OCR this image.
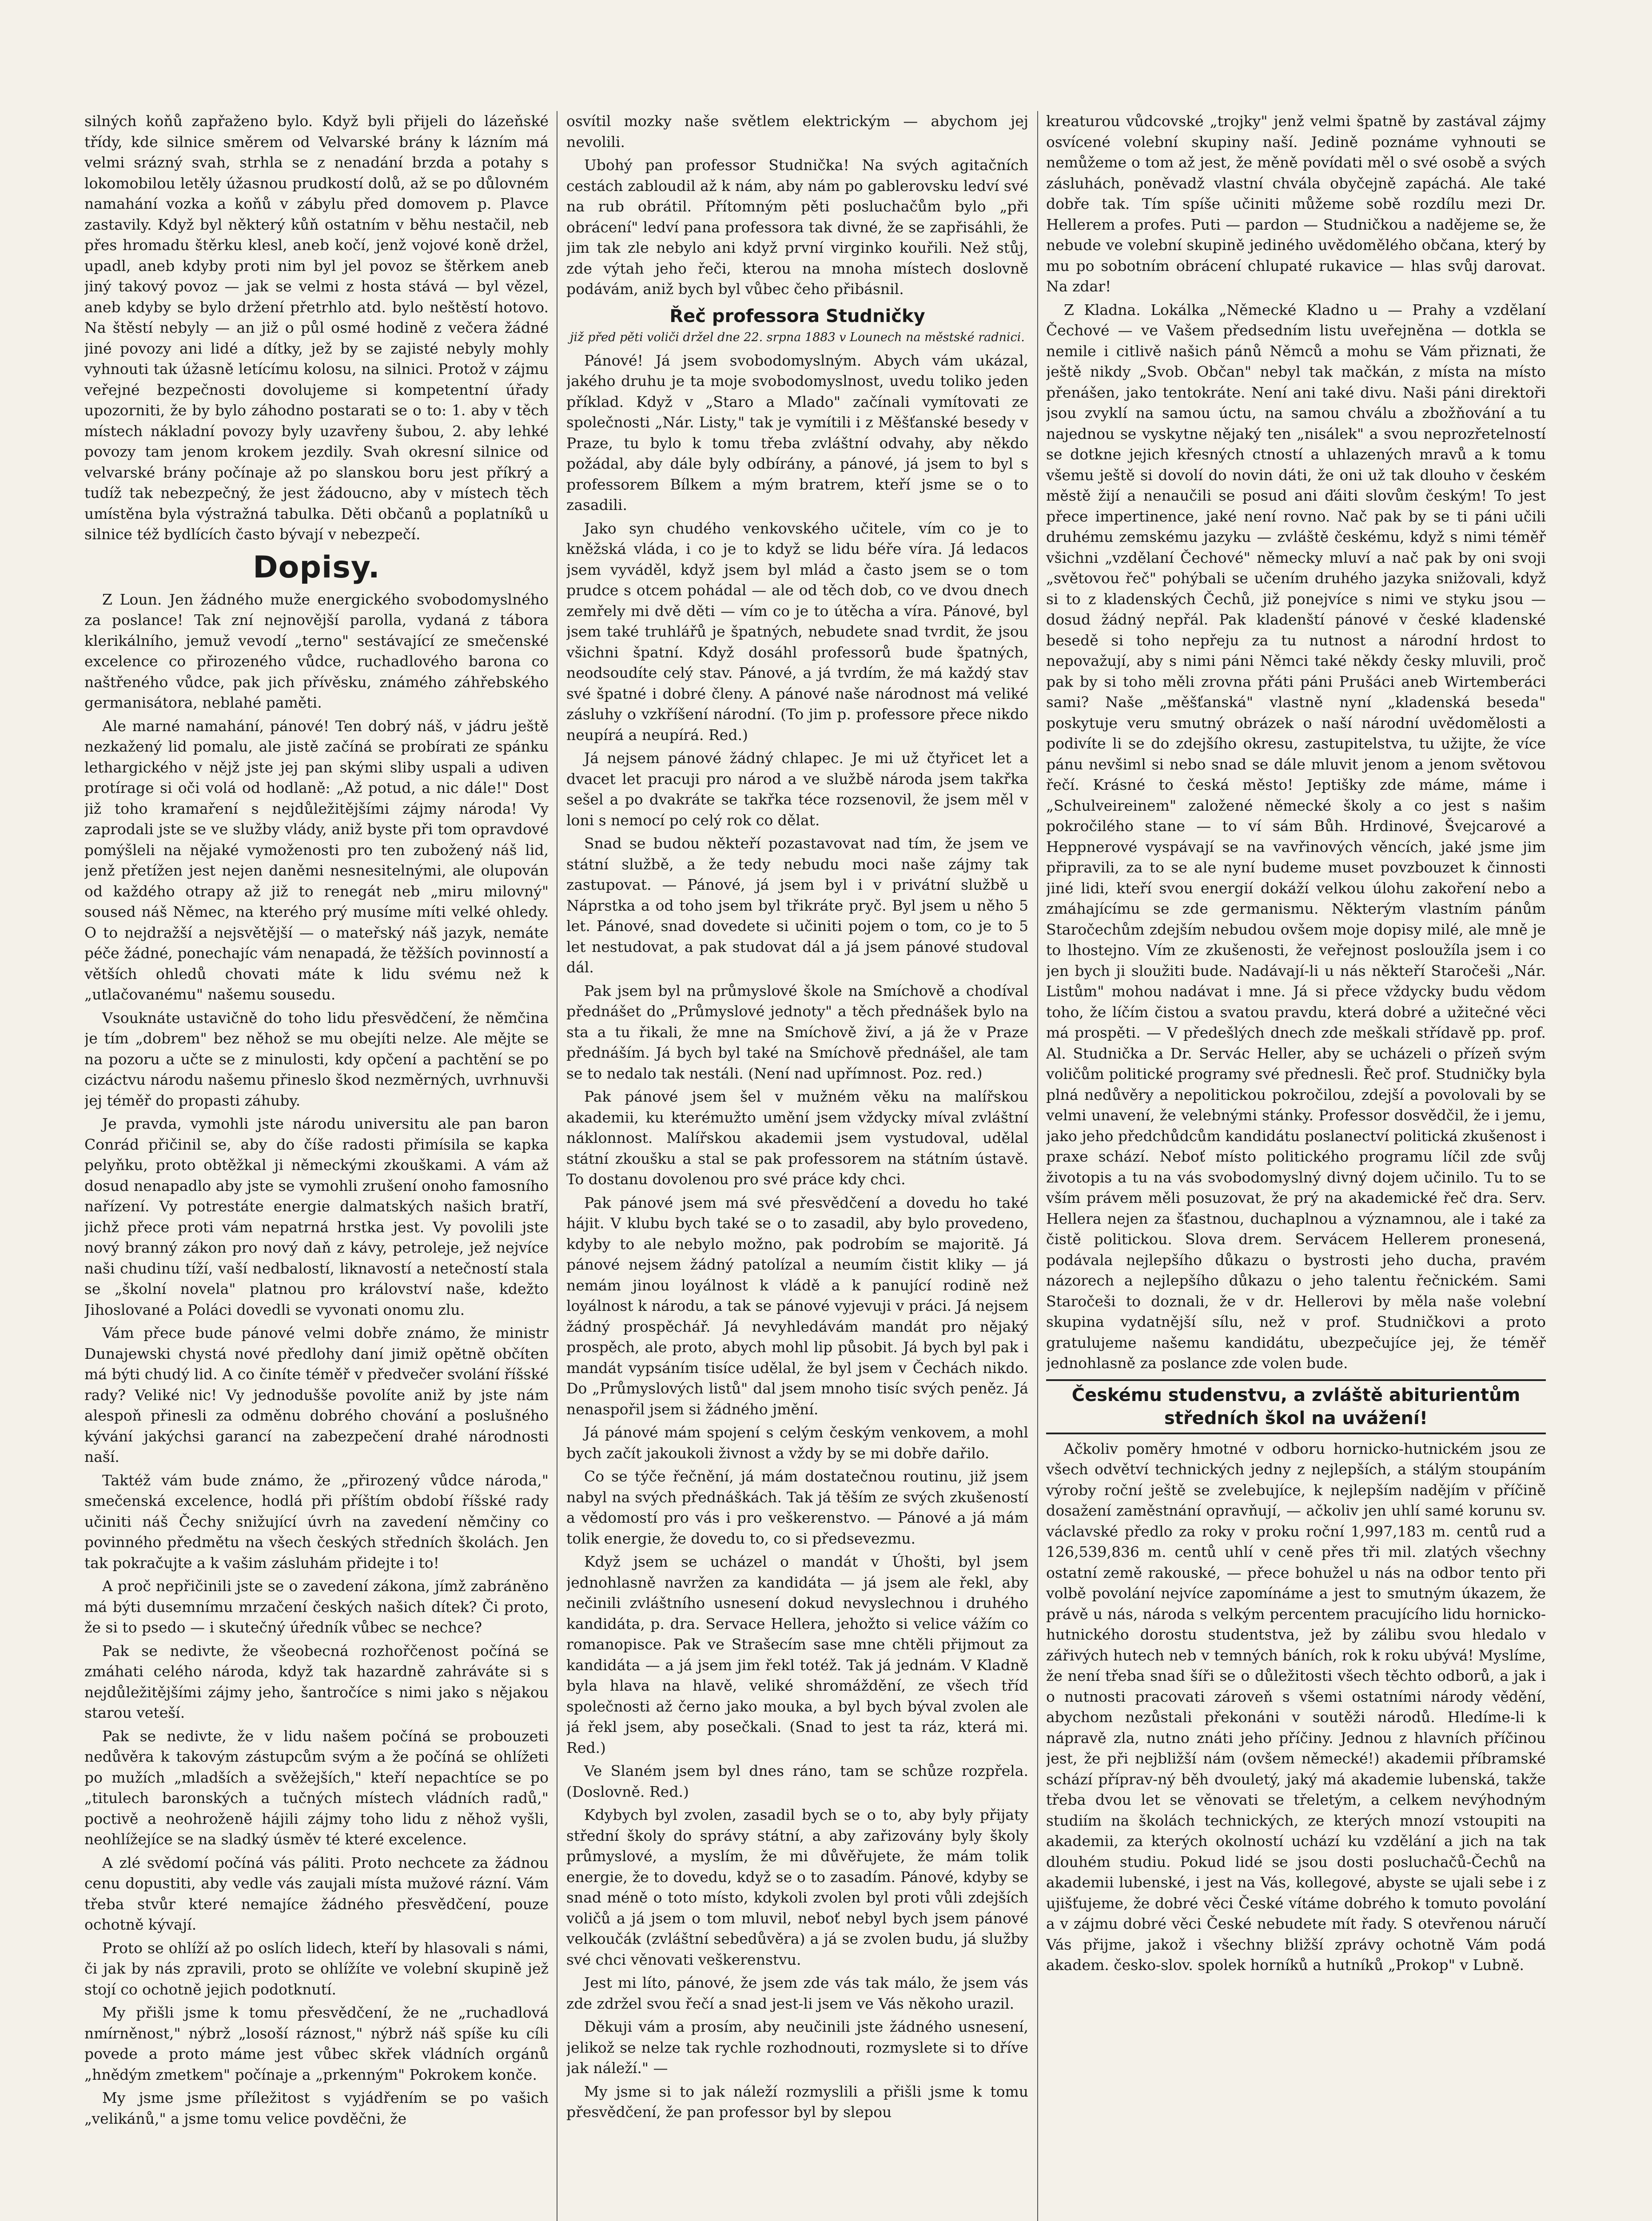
silných koňů zapřaženo bylo. Když byli přijeli do lázeňské třídy, kde silnice směrem od Velvarské brány k lázním má velmi srázný svah, strhla se z nenadání brzda a potahy s lokomobilou letěly úžasnou prudkostí dolů, až se po důlovném namahání vozka a koňů v zábylu před domovem p. Plavce zastavily. Když byl některý kůň ostatním v běhu nestačil, neb přes hromadu štěrku klesl, aneb kočí, jenž vojové koně držel, upadl, aneb kdyby proti nim byl jel povoz se štěrkem aneb jiný takový povoz — jak se velmi z hosta stává — byl vězel, aneb kdyby se bylo držení přetrhlo atd. bylo neštěstí hotovo. Na štěstí nebyly — an již o půl osmé hodině z večera žádné jiné povozy ani lidé a dítky, jež by se zajisté nebyly mohly vyhnouti tak úžasně letícímu kolosu, na silnici. Protož v zájmu veřejné bezpečnosti dovolujeme si kompetentní úřady upozorniti, že by bylo záhodno postarati se o to: 1. aby v těch místech nákladní povozy byly uzavřeny šubou, 2. aby lehké povozy tam jenom krokem jezdily. Svah okresní silnice od velvarské brány počínaje až po slanskou boru jest příkrý a tudíž tak nebezpečný, že jest žádoucno, aby v místech těch umístěna byla výstražná tabulka. Děti občanů a poplatníků u silnice též bydlících často bývají v nebezpečí.

Dopisy.

Z Loun. Jen žádného muže energického svobodomyslného za poslance! Tak zní nejnovější parolla, vydaná z tábora klerikálního, jemuž vevodí „terno" sestávající ze smečenské excelence co přirozeného vůdce, ruchadlového barona co naštřeného vůdce, pak jich přívěsku, známého záhřebského germanisátora, neblahé paměti.

Ale marné namahání, pánové! Ten dobrý náš, v jádru ještě nezkažený lid pomalu, ale jistě začíná se probírati ze spánku lethargického v nějž jste jej pan skými sliby uspali a udiven protírage si oči volá od hodlaně: „Až potud, a nic dále!" Dost již toho kramaření s nejdůležitějšími zájmy národa! Vy zaprodali jste se ve služby vlády, aniž byste při tom opravdové pomýšleli na nějaké vymoženosti pro ten zubožený náš lid, jenž přetížen jest nejen daněmi nesnesitelnými, ale olupován od každého otrapy až již to renegát neb „miru milovný" soused náš Němec, na kterého prý musíme míti velké ohledy. O to nejdražší a nejsvětější — o mateřský náš jazyk, nemáte péče žádné, ponechajíc vám nenapadá, že těžších povinností a větších ohledů chovati máte k lidu svému než k „utlačovanému" našemu sousedu.

Vsouknáte ustavičně do toho lidu přesvědčení, že němčina je tím „dobrem" bez něhož se mu obejíti nelze. Ale mějte se na pozoru a učte se z minulosti, kdy opčení a pachtění se po cizáctvu národu našemu přineslo škod nezměrných, uvrhnuvši jej téměř do propasti záhuby.

Je pravda, vymohli jste národu universitu ale pan baron Conrád přičinil se, aby do číše radosti přimísila se kapka pelyňku, proto obtěžkal ji německými zkouškami. A vám až dosud nenapadlo aby jste se vymohli zrušení onoho famosního nařízení. Vy potrestáte energie dalmatských našich bratří, jichž přece proti vám nepatrná hrstka jest. Vy povolili jste nový branný zákon pro nový daň z kávy, petroleje, jež nejvíce naši chudinu tíží, vaší nedbalostí, liknavostí a netečností stala se „školní novela" platnou pro království naše, kdežto Jihoslované a Poláci dovedli se vyvonati onomu zlu.

Vám přece bude pánové velmi dobře známo, že ministr Dunajewski chystá nové předlohy daní jimiž opětně občíten má býti chudý lid. A co činíte téměř v předvečer svolání říšské rady? Veliké nic! Vy jednodušše povolíte aniž by jste nám alespoň přinesli za odměnu dobrého chování a poslušného kývání jakýchsi garancí na zabezpečení drahé národnosti naší.

Taktéž vám bude známo, že „přirozený vůdce národa," smečenská excelence, hodlá při příštím období říšské rady učiniti náš Čechy snižující úvrh na zavedení němčiny co povinného předmětu na všech českých středních školách. Jen tak pokračujte a k vašim zásluhám přidejte i to!

A proč nepřičinili jste se o zavedení zákona, jímž zabráněno má býti dusemnímu mrzačení českých našich dítek? Či proto, že si to psedo — i skutečný úředník vůbec se nechce?

Pak se nedivte, že všeobecná rozhořčenost počíná se zmáhati celého národa, když tak hazardně zahráváte si s nejdůležitějšími zájmy jeho, šantročíce s nimi jako s nějakou starou veteší.

Pak se nedivte, že v lidu našem počíná se probouzeti nedůvěra k takovým zástupcům svým a že počíná se ohlížeti po mužích „mladších a svěžejších," kteří nepachtíce se po „titulech baronských a tučných místech vládních radů," poctivě a neohroženě hájili zájmy toho lidu z něhož vyšli, neohlížejíce se na sladký úsměv té které excelence.

A zlé svědomí počíná vás páliti. Proto nechcete za žádnou cenu dopustiti, aby vedle vás zaujali místa mužové rázní. Vám třeba stvůr které nemajíce žádného přesvědčení, pouze ochotně kývají.

Proto se ohlíží až po oslích lidech, kteří by hlasovali s námi, či jak by nás zpravili, proto se ohlížíte ve volební skupině jež stojí co ochotně jejich podotknutí.

My přišli jsme k tomu přesvědčení, že ne „ruchadlová nmírněnost," nýbrž „losoší ráznost," nýbrž náš spíše ku cíli povede a proto máme jest vůbec skřek vládních orgánů „hnědým zmetkem" počínaje a „prkenným" Pokrokem konče.

My jsme jsme příležitost s vyjádřením se po vašich „velikánů," a jsme tomu velice povděčni, že

osvítil mozky naše světlem elektrickým — abychom jej nevolili.

Ubohý pan professor Studnička! Na svých agitačních cestách zabloudil až k nám, aby nám po gablerovsku ledví své na rub obrátil. Přítomným pěti posluchačům bylo „při obrácení" ledví pana professora tak divné, že se zapřisáhli, že jim tak zle nebylo ani když první virginko kouřili. Než stůj, zde výtah jeho řeči, kterou na mnoha místech doslovně podávám, aniž bych byl vůbec čeho přibásnil.

Řeč professora Studničky
již před pěti voliči držel dne 22. srpna 1883 v Lounech na městské radnici.

Pánové! Já jsem svobodomyslným. Abych vám ukázal, jakého druhu je ta moje svobodomyslnost, uvedu toliko jeden příklad. Když v „Staro a Mlado" začínali vymítovati ze společnosti „Nár. Listy," tak je vymítili i z Měšťanské besedy v Praze, tu bylo k tomu třeba zvláštní odvahy, aby někdo požádal, aby dále byly odbírány, a pánové, já jsem to byl s professorem Bílkem a mým bratrem, kteří jsme se o to zasadili.

Jako syn chudého venkovského učitele, vím co je to kněžská vláda, i co je to když se lidu béře víra. Já ledacos jsem vyváděl, když jsem byl mlád a často jsem se o tom prudce s otcem pohádal — ale od těch dob, co ve dvou dnech zemřely mi dvě děti — vím co je to útěcha a víra. Pánové, byl jsem také truhlářů je špatných, nebudete snad tvrdit, že jsou všichni špatní. Když dosáhl professorů bude špatných, neodsoudíte celý stav. Pánové, a já tvrdím, že má každý stav své špatné i dobré členy. A pánové naše národnost má veliké zásluhy o vzkříšení národní. (To jim p. professore přece nikdo neupírá a neupírá. Red.)

Já nejsem pánové žádný chlapec. Je mi už čtyřicet let a dvacet let pracuji pro národ a ve službě národa jsem takřka sešel a po dvakráte se takřka téce rozsenovil, že jsem měl v loni s nemocí po celý rok co dělat.

Snad se budou někteří pozastavovat nad tím, že jsem ve státní službě, a že tedy nebudu moci naše zájmy tak zastupovat. — Pánové, já jsem byl i v privátní službě u Náprstka a od toho jsem byl třikráte pryč. Byl jsem u něho 5 let. Pánové, snad dovedete si učiniti pojem o tom, co je to 5 let nestudovat, a pak studovat dál a já jsem pánové studoval dál.

Pak jsem byl na průmyslové škole na Smíchově a chodíval přednášet do „Průmyslové jednoty" a těch přednášek bylo na sta a tu řikali, že mne na Smíchově živí, a já že v Praze přednáším. Já bych byl také na Smíchově přednášel, ale tam se to nedalo tak nestáli. (Není nad upřímnost. Poz. red.)

Pak pánové jsem šel v mužném věku na malířskou akademii, ku kterémužto umění jsem vždycky míval zvláštní náklonnost. Malířskou akademii jsem vystudoval, udělal státní zkoušku a stal se pak professorem na státním ústavě. To dostanu dovolenou pro své práce kdy chci.

Pak pánové jsem má své přesvědčení a dovedu ho také hájit. V klubu bych také se o to zasadil, aby bylo provedeno, kdyby to ale nebylo možno, pak podrobím se majoritě. Já pánové nejsem žádný patolízal a neumím čistit kliky — já nemám jinou loyálnost k vládě a k panující rodině než loyálnost k národu, a tak se pánové vyjevuji v práci. Já nejsem žádný prospěchář. Já nevyhledávám mandát pro nějaký prospěch, ale proto, abych mohl lip působit. Já bych byl pak i mandát vypsáním tisíce udělal, že byl jsem v Čechách nikdo. Do „Průmyslových listů" dal jsem mnoho tisíc svých peněz. Já nenaspořil jsem si žádného jmění.

Já pánové mám spojení s celým českým venkovem, a mohl bych začít jakoukoli živnost a vždy by se mi dobře dařilo.

Co se týče řečnění, já mám dostatečnou routinu, již jsem nabyl na svých přednáškách. Tak já těším ze svých zkušeností a vědomostí pro vás i pro veškerenstvo. — Pánové a já mám tolik energie, že dovedu to, co si předsevezmu.

Když jsem se ucházel o mandát v Úhošti, byl jsem jednohlasně navržen za kandidáta — já jsem ale řekl, aby nečinili zvláštního usnesení dokud nevyslechnou i druhého kandidáta, p. dra. Servace Hellera, jehožto si velice vážím co romanopisce. Pak ve Strašecím sase mne chtěli přijmout za kandidáta — a já jsem jim řekl totéž. Tak já jednám. V Kladně byla hlava na hlavě, veliké shromáždění, ze všech tříd společnosti až černo jako mouka, a byl bych býval zvolen ale já řekl jsem, aby posečkali. (Snad to jest ta ráz, která mi. Red.)

Ve Slaném jsem byl dnes ráno, tam se schůze rozpřela. (Doslovně. Red.)

Kdybych byl zvolen, zasadil bych se o to, aby byly přijaty střední školy do správy státní, a aby zařizovány byly školy průmyslové, a myslím, že mi důvěřujete, že mám tolik energie, že to dovedu, když se o to zasadím. Pánové, kdyby se snad méně o toto místo, kdykoli zvolen byl proti vůli zdejších voličů a já jsem o tom mluvil, neboť nebyl bych jsem pánové velkoučák (zvláštní sebedůvěra) a já se zvolen budu, já služby své chci věnovati veškerenstvu.

Jest mi líto, pánové, že jsem zde vás tak málo, že jsem vás zde zdržel svou řečí a snad jest-li jsem ve Vás někoho urazil.

Děkuji vám a prosím, aby neučinili jste žádného usnesení, jelikož se nelze tak rychle rozhodnouti, rozmyslete si to dříve jak náleží." —

My jsme si to jak náleží rozmyslili a přišli jsme k tomu přesvědčení, že pan professor byl by slepou

kreaturou vůdcovské „trojky" jenž velmi špatně by zastával zájmy osvícené volební skupiny naší. Jedině poznáme vyhnouti se nemůžeme o tom až jest, že měně povídati měl o své osobě a svých zásluhách, poněvadž vlastní chvála obyčejně zapáchá. Ale také dobře tak. Tím spíše učiniti můžeme sobě rozdílu mezi Dr. Hellerem a profes. Puti — pardon — Studničkou a nadějeme se, že nebude ve volební skupině jediného uvědomělého občana, který by mu po sobotním obrácení chlupaté rukavice — hlas svůj darovat. Na zdar!

Z Kladna. Lokálka „Německé Kladno u — Prahy a vzdělaní Čechové — ve Vašem předsedním listu uveřejněna — dotkla se nemile i citlivě našich pánů Němců a mohu se Vám přiznati, že ještě nikdy „Svob. Občan" nebyl tak mačkán, z místa na místo přenášen, jako tentokráte. Není ani také divu. Naši páni direktoři jsou zvyklí na samou úctu, na samou chválu a zbožňování a tu najednou se vyskytne nějaký ten „nisálek" a svou neprozřetelností se dotkne jejich křesných ctností a uhlazených mravů a k tomu všemu ještě si dovolí do novin dáti, že oni už tak dlouho v českém městě žijí a nenaučili se posud ani ďáiti slovům českým! To jest přece impertinence, jaké není rovno. Nač pak by se ti páni učili druhému zemskému jazyku — zvláště českému, když s nimi téměř všichni „vzdělaní Čechové" německy mluví a nač pak by oni svoji „světovou řeč" pohýbali se učením druhého jazyka snižovali, když si to z kladenských Čechů, již ponejvíce s nimi ve styku jsou — dosud žádný nepřál. Pak kladenští pánové v české kladenské besedě si toho nepřeju za tu nutnost a národní hrdost to nepovažují, aby s nimi páni Němci také někdy česky mluvili, proč pak by si toho měli zrovna přáti páni Prušáci aneb Wirtemberáci sami? Naše „měšťanská" vlastně nyní „kladenská beseda" poskytuje veru smutný obrázek o naší národní uvědomělosti a podivíte li se do zdejšího okresu, zastupitelstva, tu užijte, že více pánu nevšiml si nebo snad se dále mluvit jenom a jenom světovou řečí. Krásné to česká město! Jeptišky zde máme, máme i „Schulveireinem" založené německé školy a co jest s našim pokročilého stane — to ví sám Bůh. Hrdinové, Švejcarové a Heppnerové vyspávají se na vavřinových věncích, jaké jsme jim připravili, za to se ale nyní budeme muset povzbouzet k činnosti jiné lidi, kteří svou energií dokáží velkou úlohu zakoření nebo a zmáhajícímu se zde germanismu. Některým vlastním pánům Staročechům zdejším nebudou ovšem moje dopisy milé, ale mně je to lhostejno. Vím ze zkušenosti, že veřejnost posloužíla jsem i co jen bych ji sloužiti bude. Nadávají-li u nás někteří Staročeši „Nár. Listům" mohou nadávat i mne. Já si přece vždycky budu vědom toho, že líčím čistou a svatou pravdu, která dobré a užitečné věci má prospěti. — V předešlých dnech zde meškali střídavě pp. prof. Al. Studnička a Dr. Servác Heller, aby se ucházeli o přízeň svým voličům politické programy své přednesli. Řeč prof. Studničky byla plná nedůvěry a nepolitickou pokročilou, zdejší a povolovali by se velmi unavení, že velebnými stánky. Professor dosvědčil, že i jemu, jako jeho předchůdcům kandidátu poslanectví politická zkušenost i praxe schází. Neboť místo politického programu líčil zde svůj životopis a tu na vás svobodomyslný divný dojem učinilo. Tu to se vším právem měli posuzovat, že prý na akademické řeč dra. Serv. Hellera nejen za šťastnou, duchaplnou a významnou, ale i také za čistě politickou. Slova drem. Servácem Hellerem pronesená, podávala nejlepšího důkazu o bystrosti jeho ducha, pravém názorech a nejlepšího důkazu o jeho talentu řečnickém. Sami Staročeši to doznali, že v dr. Hellerovi by měla naše volební skupina vydatnější sílu, než v prof. Studničkovi a proto gratulujeme našemu kandidátu, ubezpečujíce jej, že téměř jednohlasně za poslance zde volen bude.

Českému studenstvu, a zvláště abiturientům středních škol na uvážení!

Ačkoliv poměry hmotné v odboru hornicko-hutnickém jsou ze všech odvětví technických jedny z nejlepších, a stálým stoupáním výroby roční ještě se zvelebujíce, k nejlepším nadějím v příčině dosažení zaměstnání opravňují, — ačkoliv jen uhlí samé korunu sv. václavské předlo za roky v proku roční 1,997,183 m. centů rud a 126,539,836 m. centů uhlí v ceně přes tři mil. zlatých všechny ostatní země rakouské, — přece bohužel u nás na odbor tento při volbě povolání nejvíce zapomínáme a jest to smutným úkazem, že právě u nás, národa s velkým percentem pracujícího lidu hornicko-hutnického dorostu studentstva, jež by zálibu svou hledalo v zářivých hutech neb v temných báních, rok k roku ubývá! Myslíme, že není třeba snad šíři se o důležitosti všech těchto odborů, a jak i o nutnosti pracovati zároveň s všemi ostatními národy vědění, abychom nezůstali překonáni v soutěži národů. Hledíme-li k nápravě zla, nutno znáti jeho příčiny. Jednou z hlavních příčinou jest, že při nejbližší nám (ovšem německé!) akademii příbramské schází příprav-ný běh dvouletý, jaký má akademie lubenská, takže třeba dvou let se věnovati se třeletým, a celkem nevýhodným studiím na školách technických, ze kterých mnozí vstoupiti na akademii, za kterých okolností uchází ku vzdělání a jich na tak dlouhém studiu. Pokud lidé se jsou dosti posluchačů-Čechů na akademii lubenské, i jest na Vás, kollegové, abyste se ujali sebe i z ujišťujeme, že dobré věci České vítáme dobrého k tomuto povolání a v zájmu dobré věci České nebudete mít řady. S otevřenou náručí Vás přijme, jakož i všechny bližší zprávy ochotně Vám podá akadem. česko-slov. spolek horníků a hutníků „Prokop" v Lubně.
